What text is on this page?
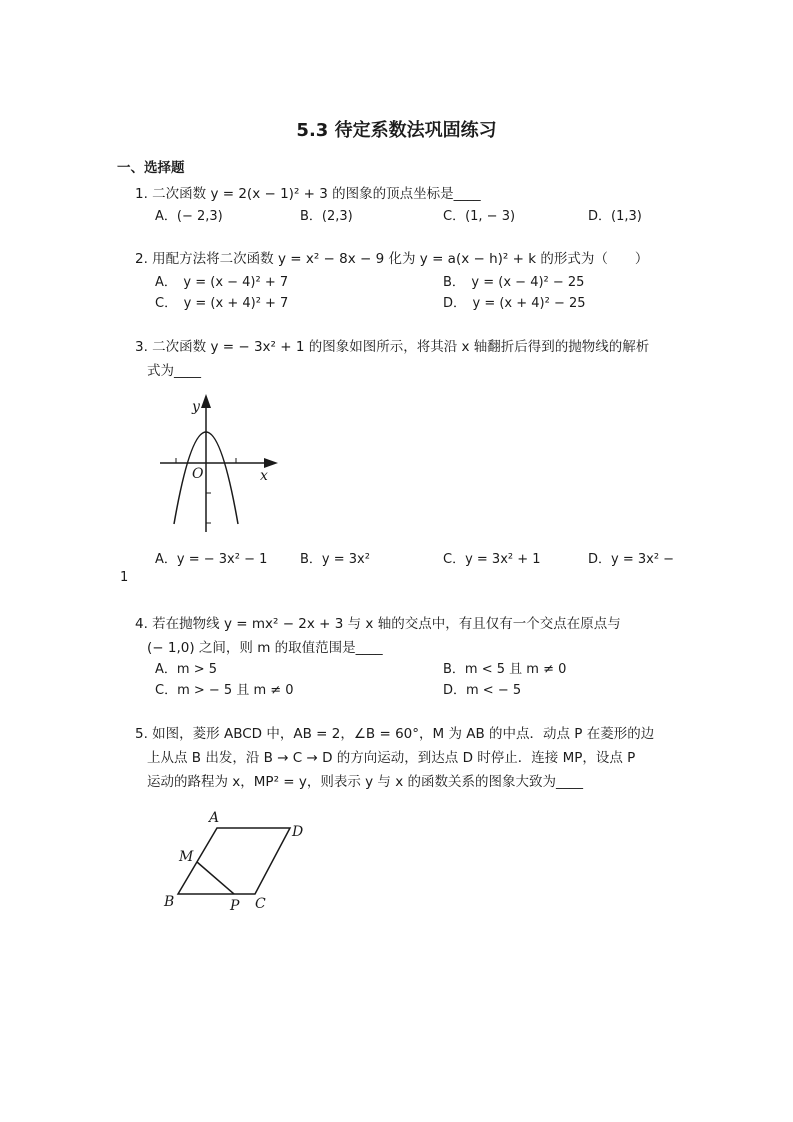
5.3 待定系数法巩固练习
一、选择题
1. 二次函数 y = 2(x − 1)² + 3 的图象的顶点坐标是____
A．(− 2,3)	B．(2,3)	C．(1, − 3)	D．(1,3)
2. 用配方法将二次函数 y = x² − 8x − 9 化为 y = a(x − h)² + k 的形式为（　　）
A．　y = (x − 4)² + 7	B．　y = (x − 4)² − 25
C．　y = (x + 4)² + 7	D．　y = (x + 4)² − 25
3. 二次函数 y = − 3x² + 1 的图象如图所示，将其沿 x 轴翻折后得到的抛物线的解析
式为____
y
x
O
A．y = − 3x² − 1	B．y = 3x²	C．y = 3x² + 1	D．y = 3x² −
1
4. 若在抛物线 y = mx² − 2x + 3 与 x 轴的交点中，有且仅有一个交点在原点与
(− 1,0) 之间，则 m 的取值范围是____
A．m > 5	B．m < 5 且 m ≠ 0
C．m > − 5 且 m ≠ 0	D．m < − 5
5. 如图，菱形 ABCD 中，AB = 2，∠B = 60°，M 为 AB 的中点．动点 P 在菱形的边
上从点 B 出发，沿 B → C → D 的方向运动，到达点 D 时停止．连接 MP，设点 P
运动的路程为 x，MP² = y，则表示 y 与 x 的函数关系的图象大致为____
A
D
B	C
M
P
